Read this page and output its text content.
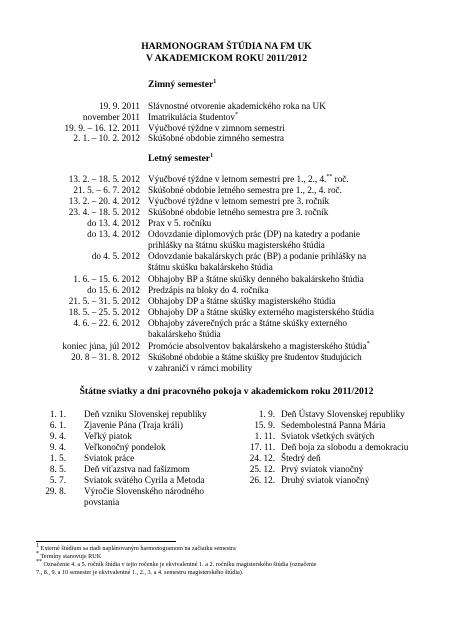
HARMONOGRAM ŠTÚDIA NA FM UK
V AKADEMICKOM ROKU 2011/2012
Zimný semester$^1$
19. 9. 2011 Slávnostné otvorenie akademického roka na UK
november 2011 Imatrikulácia študentov*
19. 9. – 16. 12. 2011 Výučbové týždne v zimnom semestri
2. 1. – 10. 2. 2012 Skúšobné obdobie zimného semestra
Letný semester$^1$
13. 2. – 18. 5. 2012 Výučbové týždne v letnom semestri pre 1., 2., 4.** roč.
21. 5. – 6. 7. 2012 Skúšobné obdobie letného semestra pre 1., 2., 4. roč.
13. 2. – 20. 4. 2012 Výučbové týždne v letnom semestri pre 3. ročník
23. 4. – 18. 5. 2012 Skúšobné obdobie letného semestra pre 3. ročník
do 13. 4. 2012 Prax v 5. ročníku
do 13. 4. 2012 Odovzdanie diplomových prác (DP) na katedry a podanie
prihlášky na štátnu skúšku magisterského štúdia
do 4. 5. 2012 Odovzdanie bakalárskych prác (BP) a podanie prihlášky na
štátnu skúšku bakalárskeho štúdia
1. 6. – 15. 6. 2012 Obhajoby BP a štátne skúšky denného bakalárskeho štúdia
do 15. 6. 2012 Predzápis na bloky do 4. ročníka
21. 5. – 31. 5. 2012 Obhajoby DP a štátne skúšky magisterského štúdia
18. 5. – 25. 5. 2012 Obhajoby DP a štátne skúšky externého magisterského štúdia
4. 6. – 22. 6. 2012 Obhajoby záverečných prác a štátne skúšky externého
bakalárskeho štúdia
koniec júna, júl 2012 Promócie absolventov bakalárskeho a magisterského štúdia*
20. 8 – 31. 8. 2012 Skúšobné obdobie a štátne skúšky pre študentov študujúcich
v zahraničí v rámci mobility
Štátne sviatky a dni pracovného pokoja v akademickom roku 2011/2012
1. 1. Deň vzniku Slovenskej republiky
6. 1. Zjavenie Pána (Traja králi)
9. 4. Veľký piatok
9. 4. Veľkonočný pondelok
1. 5. Sviatok práce
8. 5. Deň víťazstva nad fašizmom
5. 7. Sviatok svätého Cyrila a Metoda
29. 8. Výročie Slovenského národného
povstania
1. 9. Deň Ústavy Slovenskej republiky
15. 9. Sedembolestná Panna Mária
1. 11. Sviatok všetkých svätých
17. 11. Deň boja za slobodu a demokraciu
24. 12. Štedrý deň
25. 12. Prvý sviatok vianočný
26. 12. Druhý sviatok vianočný
1 Externé štúdium sa riadi naplánovaným harmonogramom na začiatku semestra
* Termíny stanovuje RUK
** Označenie 4. a 5. ročník štúdia v tejto ročenke je ekvivalentné 1. a 2. ročníku magisterského štúdia (označenie
7., 8., 9. a 10 semester je ekvivalentné 1., 2., 3. a 4. semestru magisterského štúdia).
